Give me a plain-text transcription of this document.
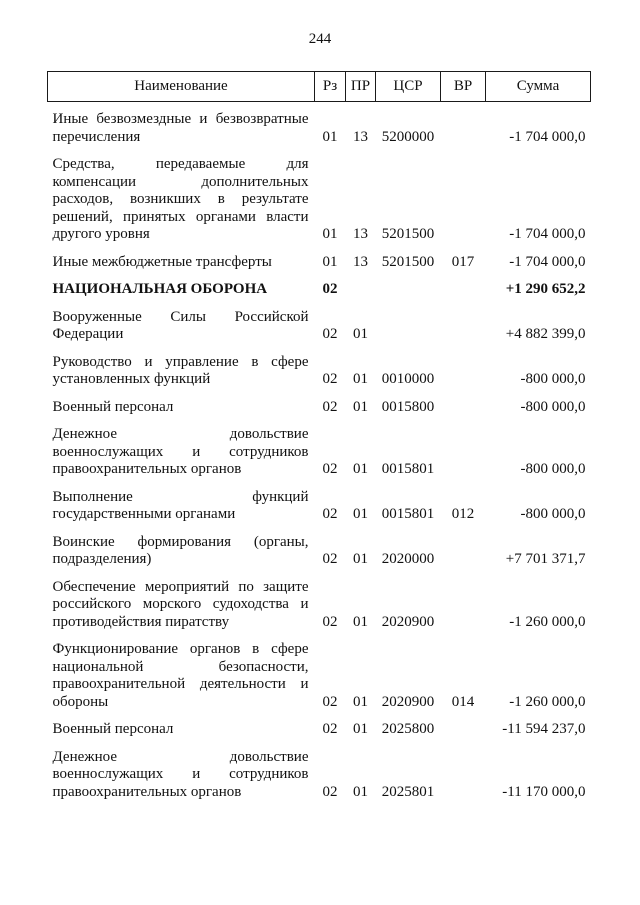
244
Наименование	Рз	ПР	ЦСР	ВР	Сумма
Иные безвозмездные и безвозвратные перечисления	01	13	5200000		-1 704 000,0
Средства, передаваемые для компенсации дополнительных расходов, возникших в результате решений, принятых органами власти другого уровня	01	13	5201500		-1 704 000,0
Иные межбюджетные трансферты	01	13	5201500	017	-1 704 000,0
НАЦИОНАЛЬНАЯ ОБОРОНА	02				+1 290 652,2
Вооруженные Силы Российской Федерации	02	01			+4 882 399,0
Руководство и управление в сфере установленных функций	02	01	0010000		-800 000,0
Военный персонал	02	01	0015800		-800 000,0
Денежное довольствие военнослужащих и сотрудников правоохранительных органов	02	01	0015801		-800 000,0
Выполнение функций государственными органами	02	01	0015801	012	-800 000,0
Воинские формирования (органы, подразделения)	02	01	2020000		+7 701 371,7
Обеспечение мероприятий по защите российского морского судоходства и противодействия пиратству	02	01	2020900		-1 260 000,0
Функционирование органов в сфере национальной безопасности, правоохранительной деятельности и обороны	02	01	2020900	014	-1 260 000,0
Военный персонал	02	01	2025800		-11 594 237,0
Денежное довольствие военнослужащих и сотрудников правоохранительных органов	02	01	2025801		-11 170 000,0
